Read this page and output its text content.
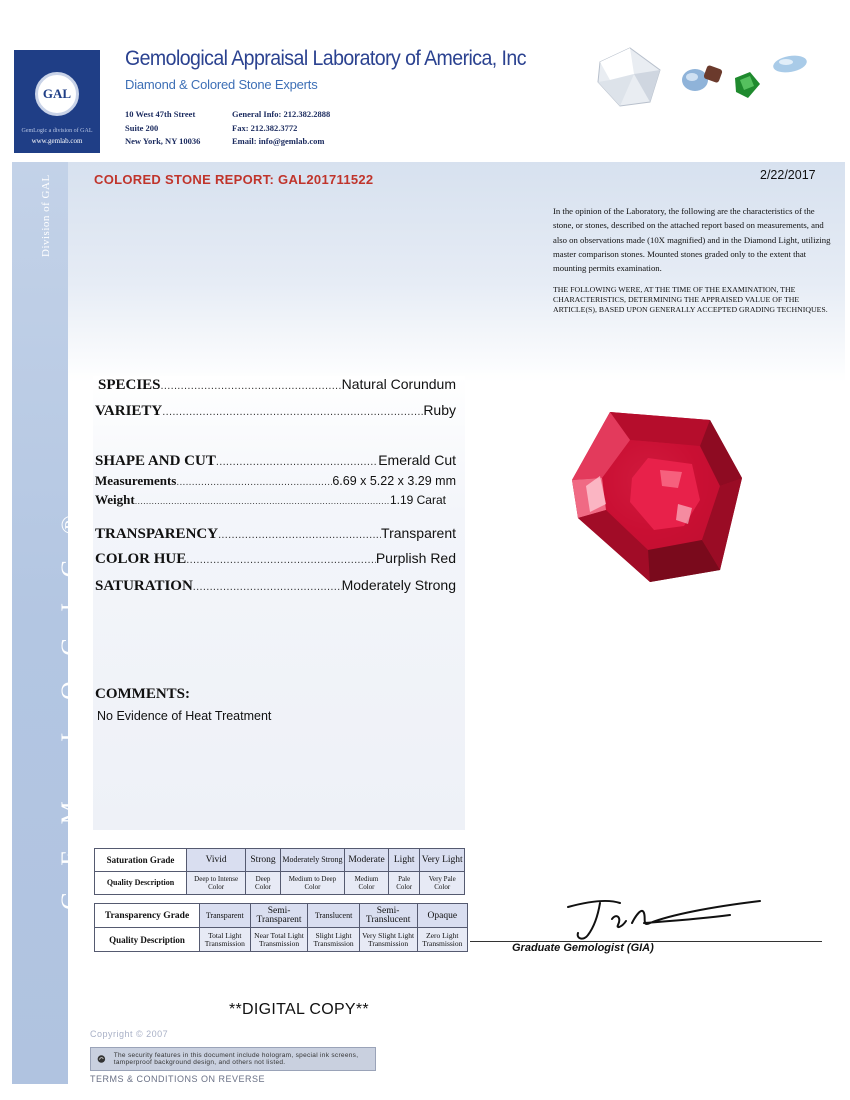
GAL
GemLogic a division of GAL
www.gemlab.com
Gemological Appraisal Laboratory of America, Inc
Diamond & Colored Stone Experts
10 West 47th Street
Suite 200
New York, NY 10036
General Info: 212.382.2888
Fax: 212.382.3772
Email: info@gemlab.com
Division of GAL
GEM-LOGIC®
COLORED STONE REPORT: GAL201711522	2/22/2017
In the opinion of the Laboratory, the following are the characteristics of the stone, or stones, described on the attached report based on measurements, and also on observations made (10X magnified) and in the Diamond Light, utilizing master comparison stones. Mounted stones graded only to the extent that mounting permits examination.
THE FOLLOWING WERE, AT THE TIME OF THE EXAMINATION, THE CHARACTERISTICS, DETERMINING THE APPRAISED VALUE OF THE ARTICLE(S), BASED UPON GENERALLY ACCEPTED GRADING TECHNIQUES.
SPECIES .....	Natural Corundum
VARIETY .....	Ruby
SHAPE AND CUT .....	Emerald Cut
Measurements .....	6.69 x 5.22 x 3.29 mm
Weight .....	1.19 Carat
TRANSPARENCY .....	Transparent
COLOR HUE .....	Purplish Red
SATURATION .....	Moderately Strong
COMMENTS:
No Evidence of Heat Treatment
Saturation Grade	Vivid	Strong	Moderately Strong	Moderate	Light	Very Light
Quality Description	Deep to Intense Color	Deep Color	Medium to Deep Color	Medium Color	Pale Color	Very Pale Color
Transparency Grade	Transparent	Semi-Transparent	Translucent	Semi-Translucent	Opaque
Quality Description	Total Light Transmission	Near Total Light Transmission	Slight Light Transmission	Very Slight Light Transmission	Zero Light Transmission	Graduate Gemologist (GIA)
**DIGITAL COPY**
Copyright © 2007
The security features in this document include hologram, special ink screens, tamperproof background design, and others not listed.
TERMS & CONDITIONS ON REVERSE
